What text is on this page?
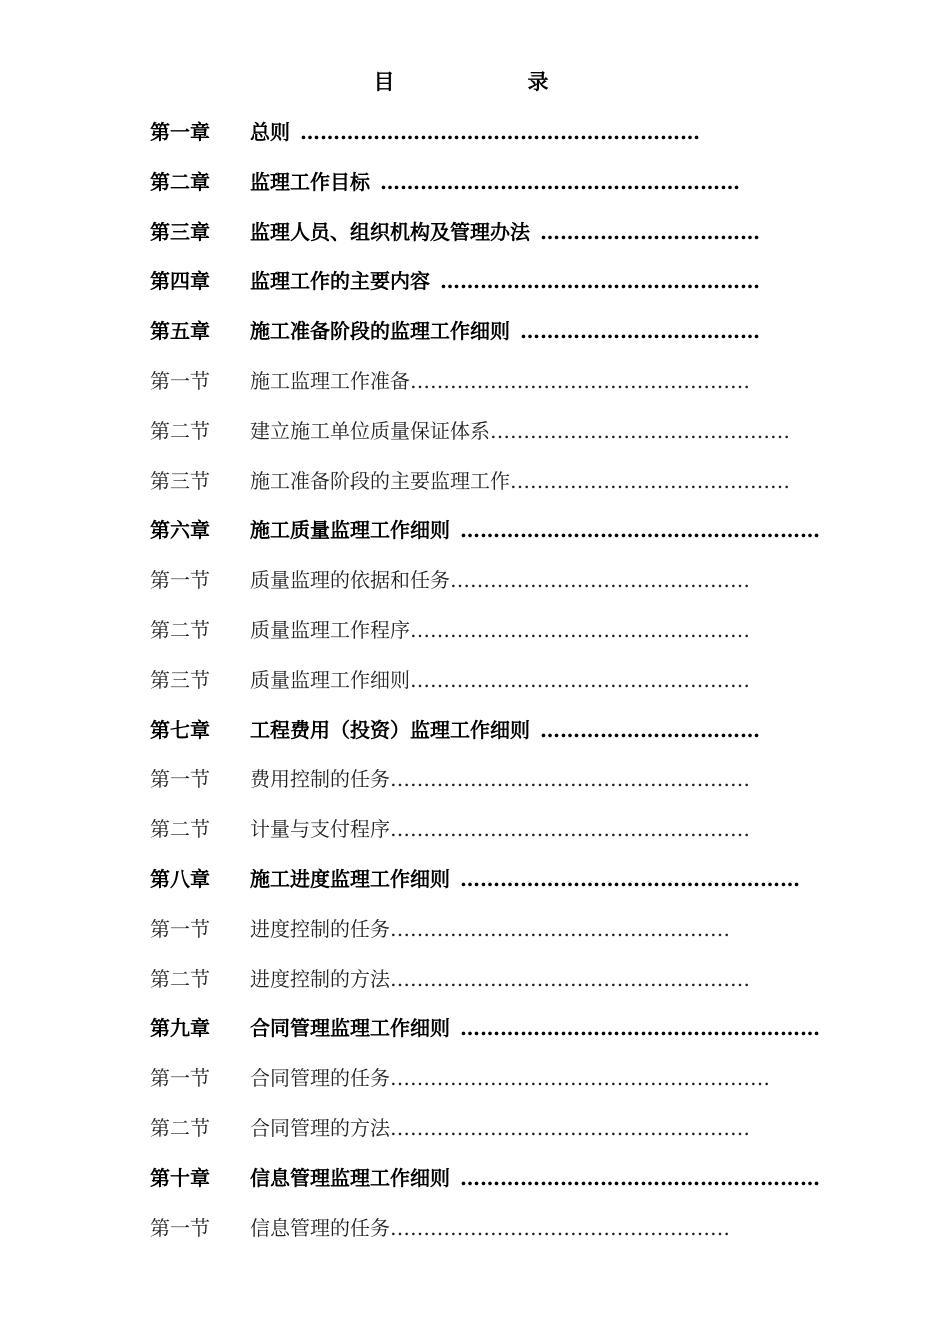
目　录
第一章 总则 ……………………………………………………
第二章 监理工作目标 ………………………………………………
第三章 监理人员、组织机构及管理办法 ……………………………
第四章 监理工作的主要内容 …………………………………………
第五章 施工准备阶段的监理工作细则 ………………………………
第一节 施工监理工作准备……………………………………………
第二节 建立施工单位质量保证体系………………………………………
第三节 施工准备阶段的主要监理工作……………………………………
第六章 施工质量监理工作细则 ………………………………………………
第一节 质量监理的依据和任务………………………………………
第二节 质量监理工作程序……………………………………………
第三节 质量监理工作细则……………………………………………
第七章 工程费用（投资）监理工作细则 ……………………………
第一节 费用控制的任务………………………………………………
第二节 计量与支付程序………………………………………………
第八章 施工进度监理工作细则 ……………………………………………
第一节 进度控制的任务……………………………………………
第二节 进度控制的方法………………………………………………
第九章 合同管理监理工作细则 ………………………………………………
第一节 合同管理的任务…………………………………………………
第二节 合同管理的方法………………………………………………
第十章 信息管理监理工作细则 ………………………………………………
第一节 信息管理的任务……………………………………………
